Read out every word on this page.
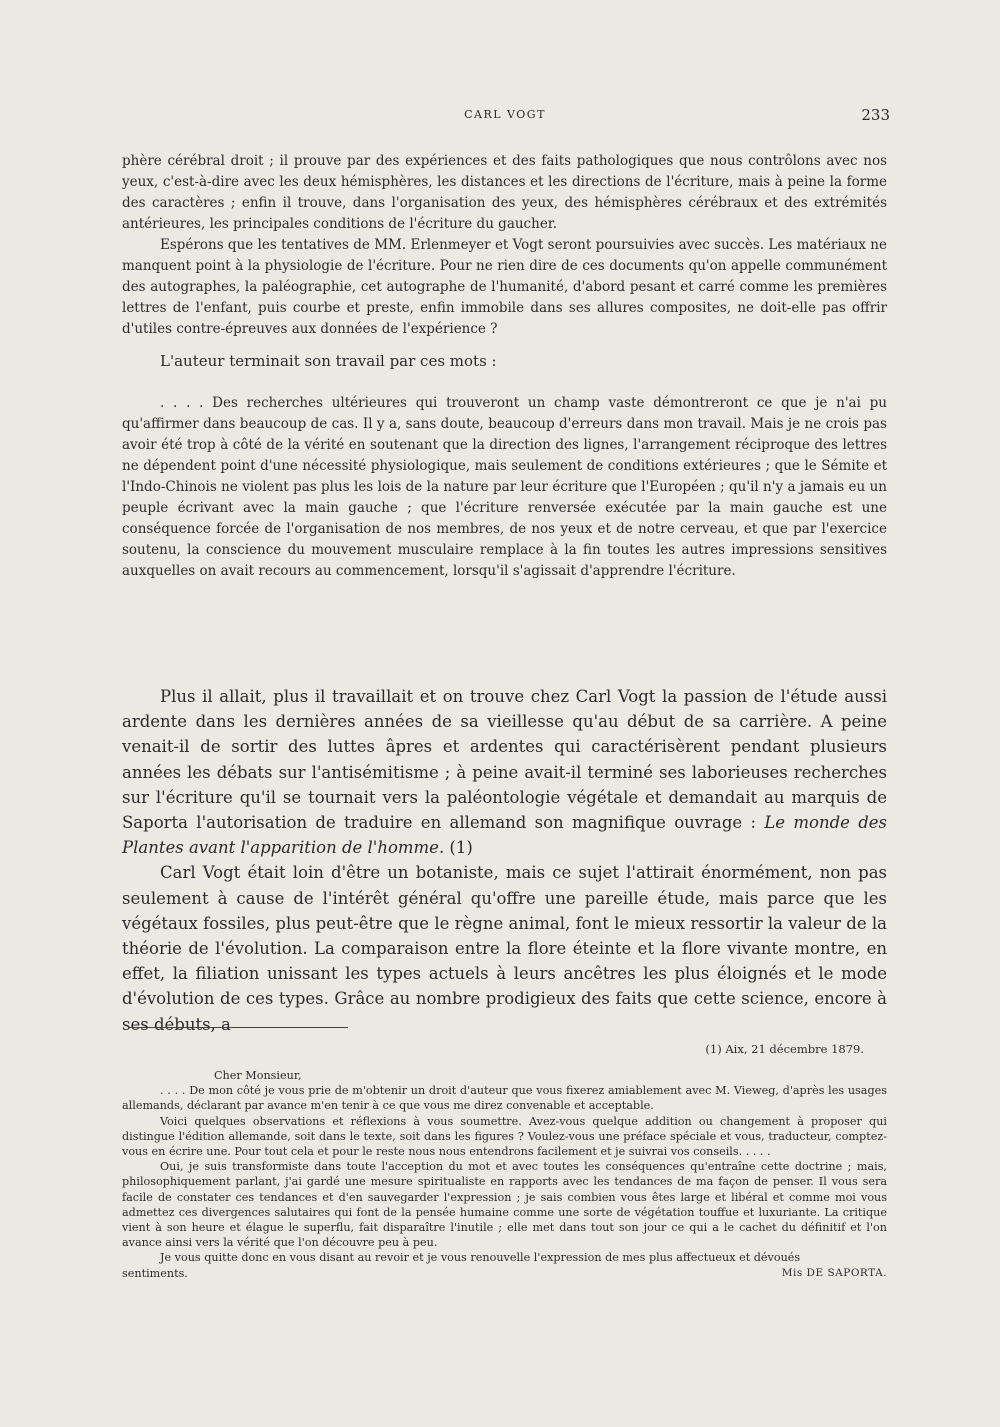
CARL VOGT	233

phère cérébral droit ; il prouve par des expériences et des faits pathologiques que nous contrôlons avec nos yeux, c'est-à-dire avec les deux hémisphères, les distances et les directions de l'écriture, mais à peine la forme des caractères ; enfin il trouve, dans l'organisation des yeux, des hémisphères cérébraux et des extrémités antérieures, les principales conditions de l'écriture du gaucher.

Espérons que les tentatives de MM. Erlenmeyer et Vogt seront poursuivies avec succès. Les matériaux ne manquent point à la physiologie de l'écriture. Pour ne rien dire de ces documents qu'on appelle communément des autographes, la paléographie, cet autographe de l'humanité, d'abord pesant et carré comme les premières lettres de l'enfant, puis courbe et preste, enfin immobile dans ses allures composites, ne doit-elle pas offrir d'utiles contre-épreuves aux données de l'expérience ?

L'auteur terminait son travail par ces mots :

. . . . Des recherches ultérieures qui trouveront un champ vaste démontreront ce que je n'ai pu qu'affirmer dans beaucoup de cas. Il y a, sans doute, beaucoup d'erreurs dans mon travail. Mais je ne crois pas avoir été trop à côté de la vérité en soutenant que la direction des lignes, l'arrangement réciproque des lettres ne dépendent point d'une nécessité physiologique, mais seulement de conditions extérieures ; que le Sémite et l'Indo-Chinois ne violent pas plus les lois de la nature par leur écriture que l'Européen ; qu'il n'y a jamais eu un peuple écrivant avec la main gauche ; que l'écriture renversée exécutée par la main gauche est une conséquence forcée de l'organisation de nos membres, de nos yeux et de notre cerveau, et que par l'exercice soutenu, la conscience du mouvement musculaire remplace à la fin toutes les autres impressions sensitives auxquelles on avait recours au commencement, lorsqu'il s'agissait d'apprendre l'écriture.

Plus il allait, plus il travaillait et on trouve chez Carl Vogt la passion de l'étude aussi ardente dans les dernières années de sa vieillesse qu'au début de sa carrière. A peine venait-il de sortir des luttes âpres et ardentes qui caractérisèrent pendant plusieurs années les débats sur l'antisémitisme ; à peine avait-il terminé ses laborieuses recherches sur l'écriture qu'il se tournait vers la paléontologie végétale et demandait au marquis de Saporta l'autorisation de traduire en allemand son magnifique ouvrage : Le monde des Plantes avant l'apparition de l'homme. (1)

Carl Vogt était loin d'être un botaniste, mais ce sujet l'attirait énormément, non pas seulement à cause de l'intérêt général qu'offre une pareille étude, mais parce que les végétaux fossiles, plus peut-être que le règne animal, font le mieux ressortir la valeur de la théorie de l'évolution. La comparaison entre la flore éteinte et la flore vivante montre, en effet, la filiation unissant les types actuels à leurs ancêtres les plus éloignés et le mode d'évolution de ces types. Grâce au nombre prodigieux des faits que cette science, encore à ses débuts, a

(1) Aix, 21 décembre 1879.

Cher Monsieur,

. . . . De mon côté je vous prie de m'obtenir un droit d'auteur que vous fixerez amiablement avec M. Vieweg, d'après les usages allemands, déclarant par avance m'en tenir à ce que vous me direz convenable et acceptable.

Voici quelques observations et réflexions à vous soumettre. Avez-vous quelque addition ou changement à proposer qui distingue l'édition allemande, soit dans le texte, soit dans les figures ? Voulez-vous une préface spéciale et vous, traducteur, comptez-vous en écrire une. Pour tout cela et pour le reste nous nous entendrons facilement et je suivrai vos conseils. . . . .

Oui, je suis transformiste dans toute l'acception du mot et avec toutes les conséquences qu'entraîne cette doctrine ; mais, philosophiquement parlant, j'ai gardé une mesure spiritualiste en rapports avec les tendances de ma façon de penser. Il vous sera facile de constater ces tendances et d'en sauvegarder l'expression ; je sais combien vous êtes large et libéral et comme moi vous admettez ces divergences salutaires qui font de la pensée humaine comme une sorte de végétation touffue et luxuriante. La critique vient à son heure et élague le superflu, fait disparaître l'inutile ; elle met dans tout son jour ce qui a le cachet du définitif et l'on avance ainsi vers la vérité que l'on découvre peu à peu.

Je vous quitte donc en vous disant au revoir et je vous renouvelle l'expression de mes plus affectueux et dévoués

sentiments.	Mis DE SAPORTA.
